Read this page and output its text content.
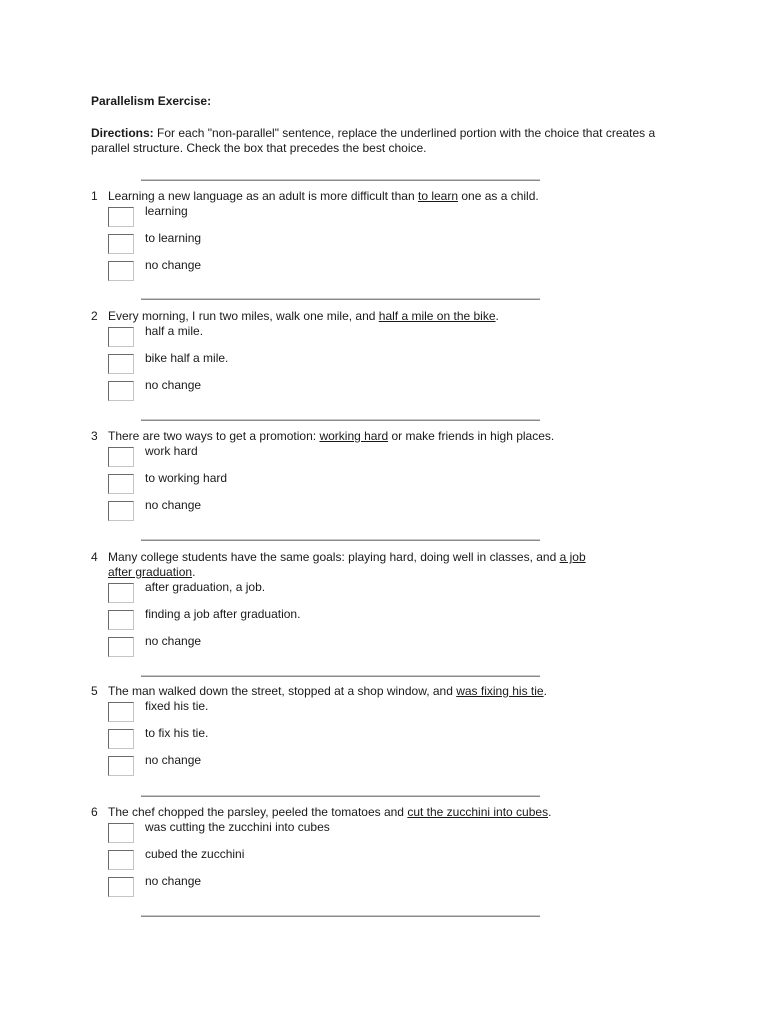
Parallelism Exercise:
Directions: For each "non-parallel" sentence, replace the underlined portion with the choice that creates a parallel structure. Check the box that precedes the best choice.
1 Learning a new language as an adult is more difficult than to learn one as a child.
learning
to learning
no change
2 Every morning, I run two miles, walk one mile, and half a mile on the bike.
half a mile.
bike half a mile.
no change
3 There are two ways to get a promotion: working hard or make friends in high places.
work hard
to working hard
no change
4 Many college students have the same goals: playing hard, doing well in classes, and a job after graduation.
after graduation, a job.
finding a job after graduation.
no change
5 The man walked down the street, stopped at a shop window, and was fixing his tie.
fixed his tie.
to fix his tie.
no change
6 The chef chopped the parsley, peeled the tomatoes and cut the zucchini into cubes.
was cutting the zucchini into cubes
cubed the zucchini
no change
